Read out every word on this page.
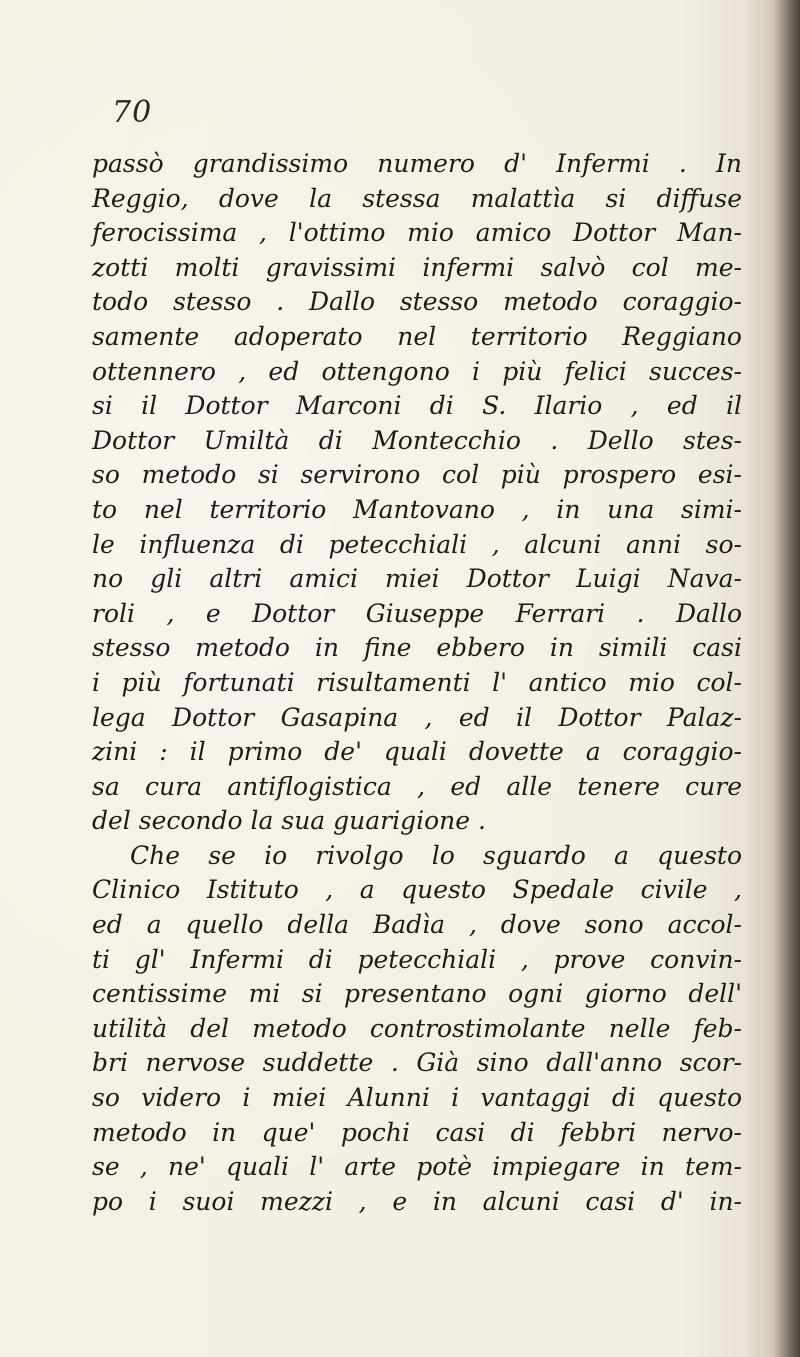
70
passò grandissimo numero d' Infermi . In
Reggio, dove la stessa malattìa si diffuse
ferocissima , l'ottimo mio amico Dottor Man-
zotti molti gravissimi infermi salvò col me-
todo stesso . Dallo stesso metodo coraggio-
samente adoperato nel territorio Reggiano
ottennero , ed ottengono i più felici succes-
si il Dottor Marconi di S. Ilario , ed il
Dottor Umiltà di Montecchio . Dello stes-
so metodo si servirono col più prospero esi-
to nel territorio Mantovano , in una simi-
le influenza di petecchiali , alcuni anni so-
no gli altri amici miei Dottor Luigi Nava-
roli , e Dottor Giuseppe Ferrari . Dallo
stesso metodo in fine ebbero in simili casi
i più fortunati risultamenti l' antico mio col-
lega Dottor Gasapina , ed il Dottor Palaz-
zini : il primo de' quali dovette a coraggio-
sa cura antiflogistica , ed alle tenere cure
del secondo la sua guarigione .
Che se io rivolgo lo sguardo a questo
Clinico Istituto , a questo Spedale civile ,
ed a quello della Badìa , dove sono accol-
ti gl' Infermi di petecchiali , prove convin-
centissime mi si presentano ogni giorno dell'
utilità del metodo controstimolante nelle feb-
bri nervose suddette . Già sino dall'anno scor-
so videro i miei Alunni i vantaggi di questo
metodo in que' pochi casi di febbri nervo-
se , ne' quali l' arte potè impiegare in tem-
po i suoi mezzi , e in alcuni casi d' in-
